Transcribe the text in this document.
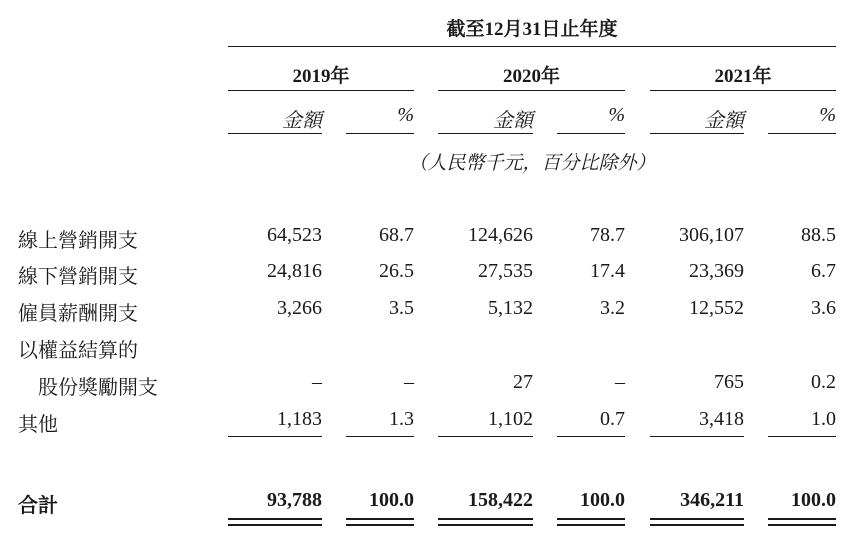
截至12月31日止年度
2019年	2020年	2021年
金額	%	金額	%	金額	%
（人民幣千元，百分比除外）
線上營銷開支	64,523	68.7	124,626	78.7	306,107	88.5
線下營銷開支	24,816	26.5	27,535	17.4	23,369	6.7
僱員薪酬開支	3,266	3.5	5,132	3.2	12,552	3.6
以權益結算的
股份獎勵開支	–	–	27	–	765	0.2
其他	1,183	1.3	1,102	0.7	3,418	1.0
合計	93,788	100.0	158,422	100.0	346,211	100.0
